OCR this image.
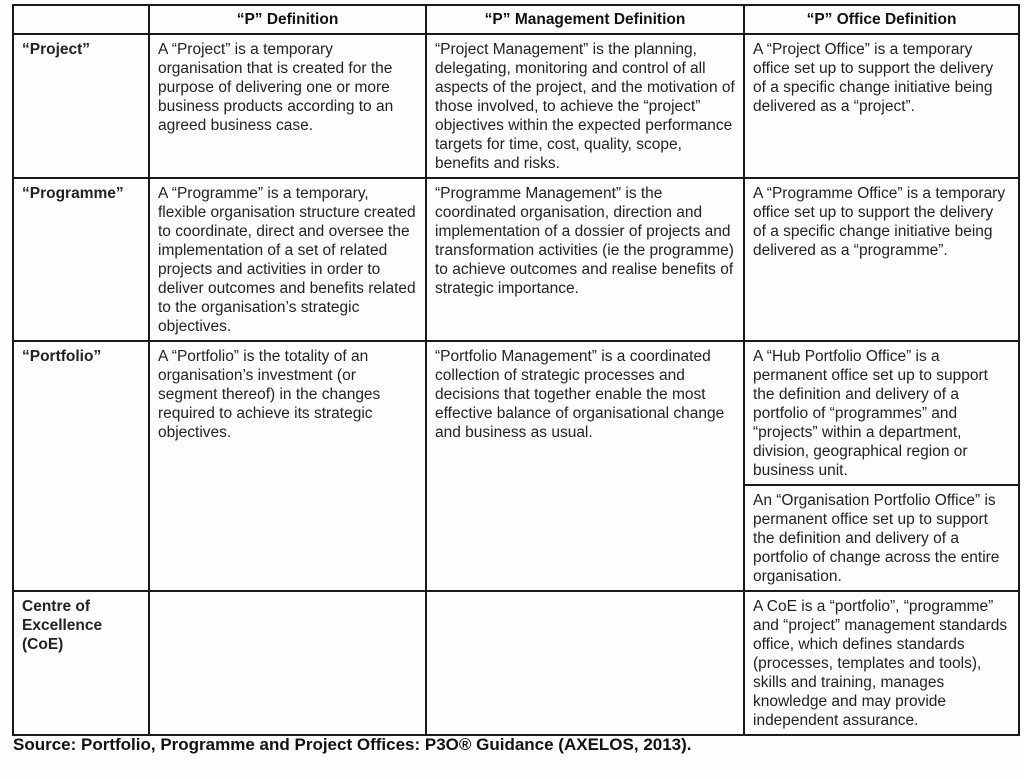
	“P” Definition	“P” Management Definition	“P” Office Definition
“Project”	A “Project” is a temporary organisation that is created for the purpose of delivering one or more business products according to an agreed business case.	“Project Management” is the planning, delegating, monitoring and control of all aspects of the project, and the motivation of those involved, to achieve the “project” objectives within the expected performance targets for time, cost, quality, scope, benefits and risks.	A “Project Office” is a temporary office set up to support the delivery of a specific change initiative being delivered as a “project”.
“Programme”	A “Programme” is a temporary, flexible organisation structure created to coordinate, direct and oversee the implementation of a set of related projects and activities in order to deliver outcomes and benefits related to the organisation’s strategic objectives.	“Programme Management” is the coordinated organisation, direction and implementation of a dossier of projects and transformation activities (ie the programme) to achieve outcomes and realise benefits of strategic importance.	A “Programme Office” is a temporary office set up to support the delivery of a specific change initiative being delivered as a “programme”.
“Portfolio”	A “Portfolio” is the totality of an organisation’s investment (or segment thereof) in the changes required to achieve its strategic objectives.	“Portfolio Management” is a coordinated collection of strategic processes and decisions that together enable the most effective balance of organisational change and business as usual.	A “Hub Portfolio Office” is a permanent office set up to support the definition and delivery of a portfolio of “programmes” and “projects” within a department, division, geographical region or business unit.
			An “Organisation Portfolio Office” is permanent office set up to support the definition and delivery of a portfolio of change across the entire organisation.
Centre of Excellence (CoE)			A CoE is a “portfolio”, “programme” and “project” management standards office, which defines standards (processes, templates and tools), skills and training, manages knowledge and may provide independent assurance.
Source: Portfolio, Programme and Project Offices: P3O® Guidance (AXELOS, 2013).
